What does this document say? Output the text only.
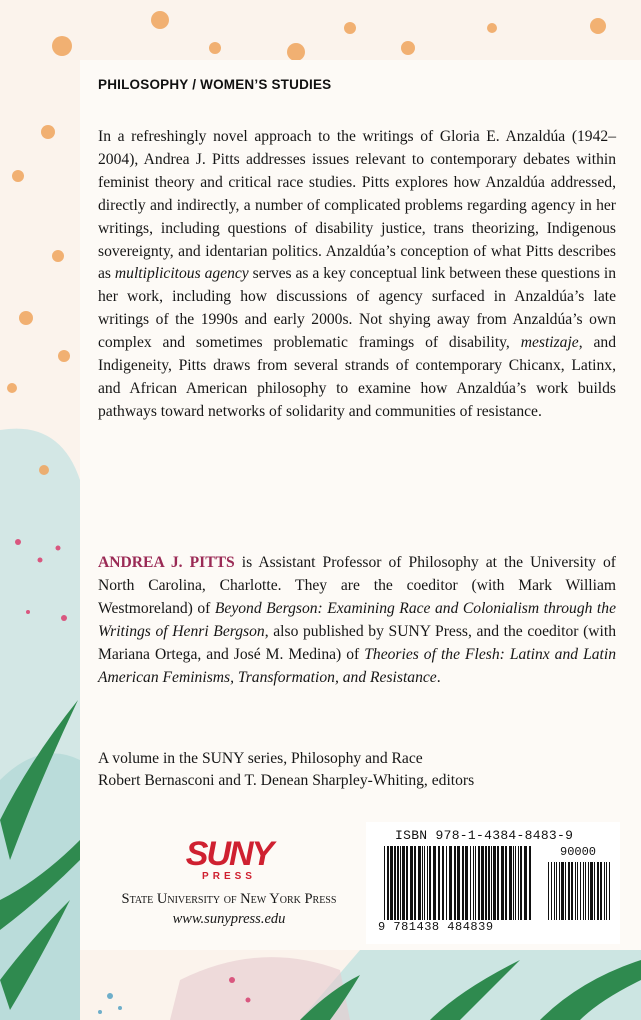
PHILOSOPHY / WOMEN’S STUDIES

In a refreshingly novel approach to the writings of Gloria E. Anzaldúa (1942–2004), Andrea J. Pitts addresses issues relevant to contemporary debates within feminist theory and critical race studies. Pitts explores how Anzaldúa addressed, directly and indirectly, a number of complicated problems regarding agency in her writings, including questions of disability justice, trans theorizing, Indigenous sovereignty, and identarian politics. Anzaldúa’s conception of what Pitts describes as multiplicitous agency serves as a key conceptual link between these questions in her work, including how discussions of agency surfaced in Anzaldúa’s late writings of the 1990s and early 2000s. Not shying away from Anzaldúa’s own complex and sometimes problematic framings of disability, mestizaje, and Indigeneity, Pitts draws from several strands of contemporary Chicanx, Latinx, and African American philosophy to examine how Anzaldúa’s work builds pathways toward networks of solidarity and communities of resistance.

ANDREA J. PITTS is Assistant Professor of Philosophy at the University of North Carolina, Charlotte. They are the coeditor (with Mark William Westmoreland) of Beyond Bergson: Examining Race and Colonialism through the Writings of Henri Bergson, also published by SUNY Press, and the coeditor (with Mariana Ortega, and José M. Medina) of Theories of the Flesh: Latinx and Latin American Feminisms, Transformation, and Resistance.

A volume in the SUNY series, Philosophy and Race
Robert Bernasconi and T. Denean Sharpley-Whiting, editors
SUNY
PRESS
State University of New York Press
www.sunypress.edu
ISBN 978-1-4384-8483-9
90000
9 781438 484839
